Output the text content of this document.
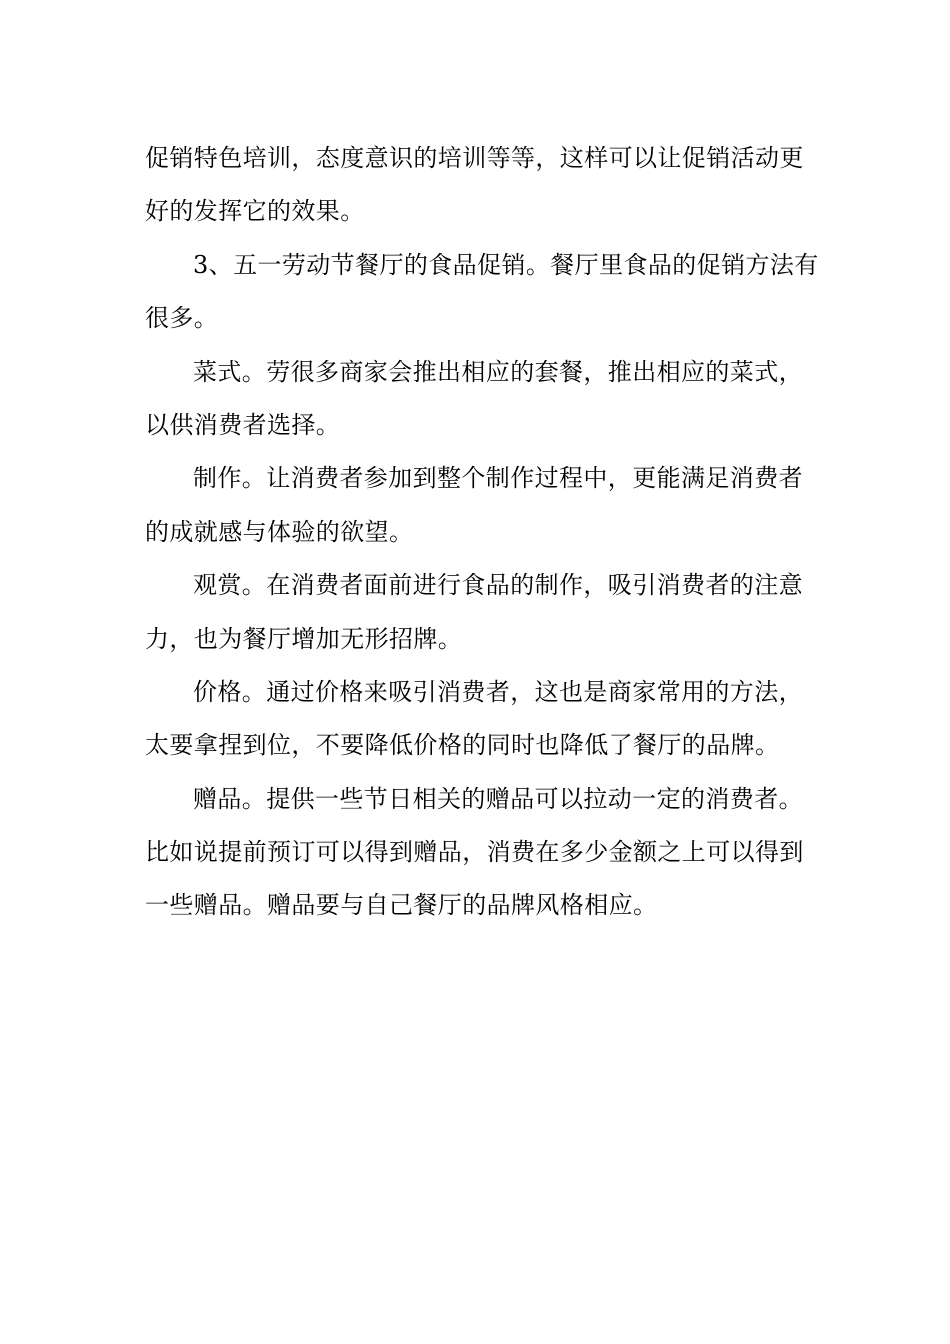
促销特色培训，态度意识的培训等等，这样可以让促销活动更
好的发挥它的效果。

3、五一劳动节餐厅的食品促销。餐厅里食品的促销方法有
很多。

菜式。劳很多商家会推出相应的套餐，推出相应的菜式，
以供消费者选择。

制作。让消费者参加到整个制作过程中，更能满足消费者
的成就感与体验的欲望。

观赏。在消费者面前进行食品的制作，吸引消费者的注意
力，也为餐厅增加无形招牌。

价格。通过价格来吸引消费者，这也是商家常用的方法，
太要拿捏到位，不要降低价格的同时也降低了餐厅的品牌。

赠品。提供一些节日相关的赠品可以拉动一定的消费者。
比如说提前预订可以得到赠品，消费在多少金额之上可以得到
一些赠品。赠品要与自己餐厅的品牌风格相应。
